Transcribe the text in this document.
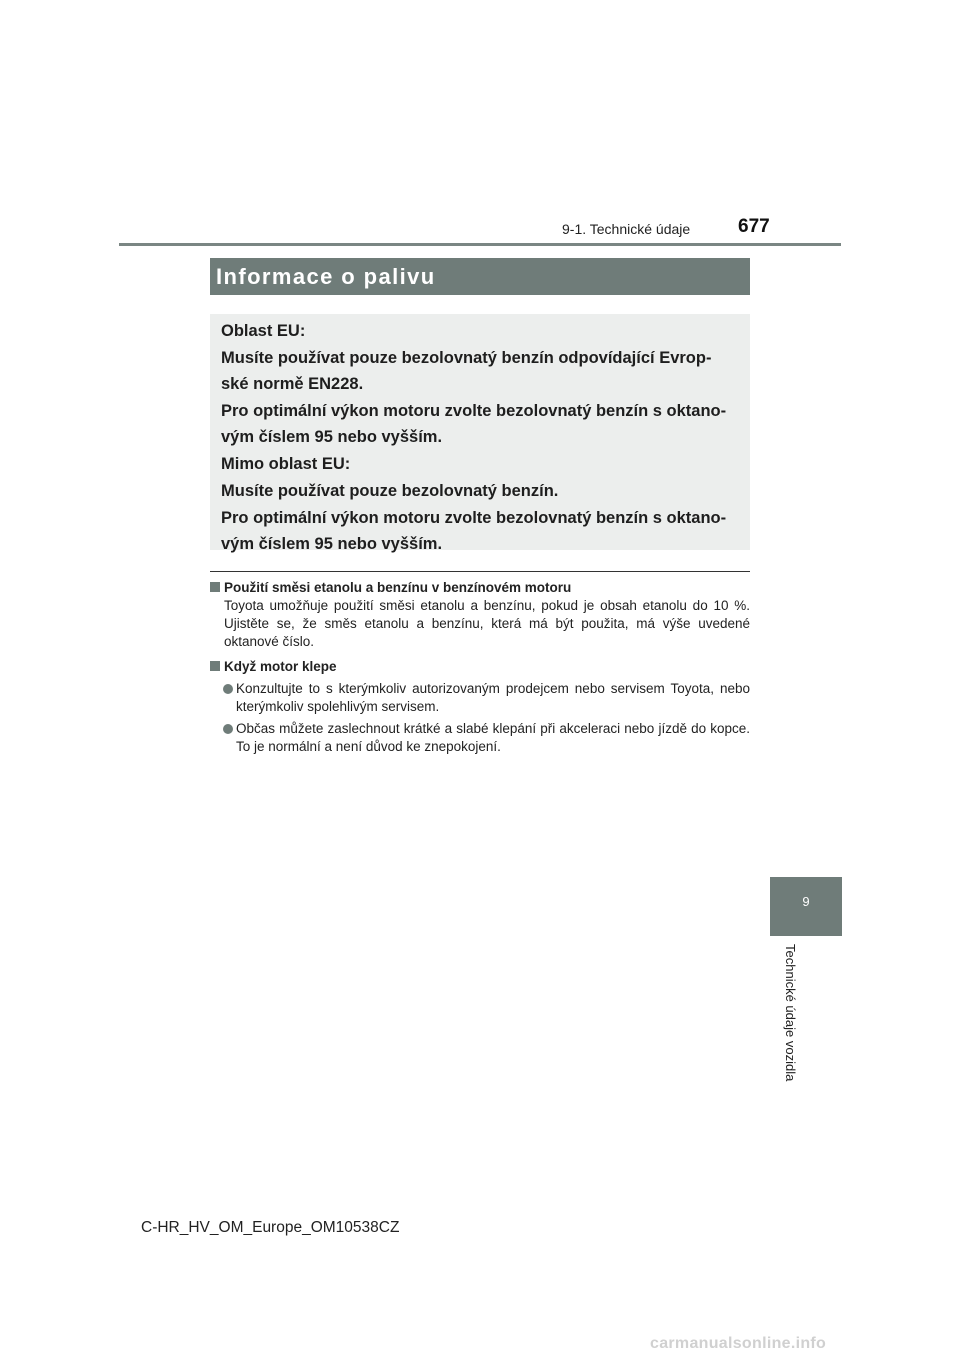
9-1. Technické údaje	677
Informace o palivu

Oblast EU:

Musíte používat pouze bezolovnatý benzín odpovídající Evrop-

ské normě EN228.

Pro optimální výkon motoru zvolte bezolovnatý benzín s oktano-

vým číslem 95 nebo vyšším.

Mimo oblast EU:

Musíte používat pouze bezolovnatý benzín.

Pro optimální výkon motoru zvolte bezolovnatý benzín s oktano-

vým číslem 95 nebo vyšším.

Použití směsi etanolu a benzínu v benzínovém motoru
Toyota umožňuje použití směsi etanolu a benzínu, pokud je obsah etanolu do 10 %. Ujistěte se, že směs etanolu a benzínu, která má být použita, má výše uvedené oktanové číslo.
Když motor klepe
Konzultujte to s kterýmkoliv autorizovaným prodejcem nebo servisem Toyota, nebo kterýmkoliv spolehlivým servisem.
Občas můžete zaslechnout krátké a slabé klepání při akceleraci nebo jízdě do kopce. To je normální a není důvod ke znepokojení.
9
Technické údaje vozidla
C-HR_HV_OM_Europe_OM10538CZ
carmanualsonline.info
